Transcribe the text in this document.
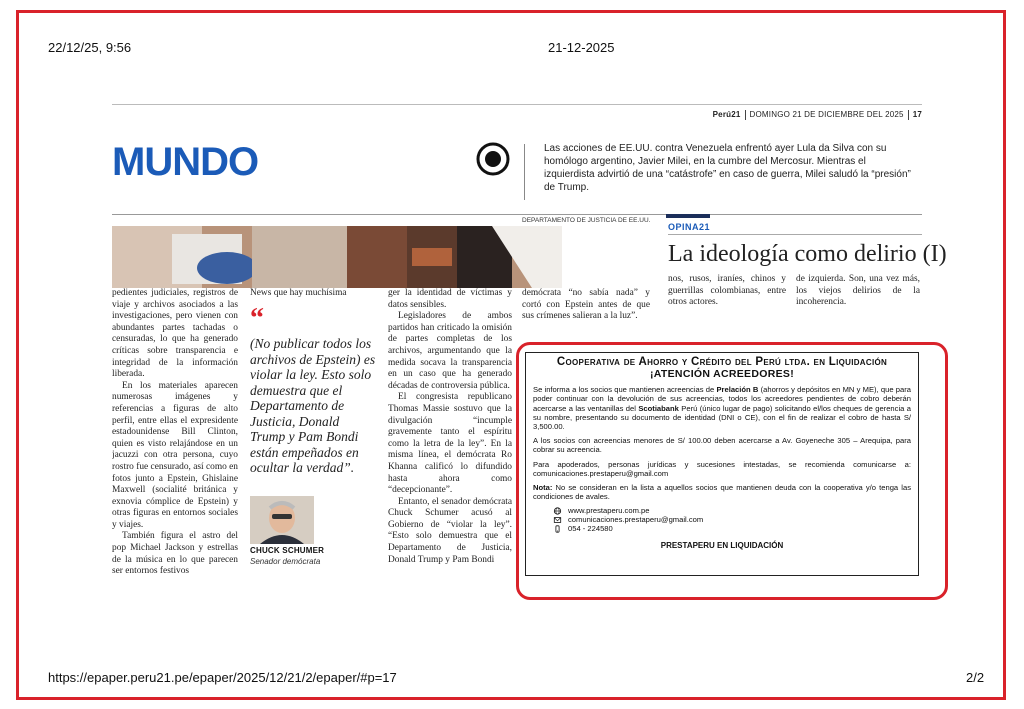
22/12/25, 9:56	21-12-2025
Perú21 DOMINGO 21 DE DICIEMBRE DEL 2025 17
MUNDO	Las acciones de EE.UU. contra Venezuela enfrentó ayer Lula da Silva con su homólogo argentino, Javier Milei, en la cumbre del Mercosur. Mientras el izquierdista advirtió de una “catástrofe” en caso de guerra, Milei saludó la “presión” de Trump.
DEPARTAMENTO DE JUSTICIA DE EE.UU.
OPINA21
La ideología como delirio (I)

nos, rusos, iraníes, chinos y guerrillas colombianas, entre otros actores.

de izquierda. Son, una vez más, los viejos delirios de la incoherencia.

pedientes judiciales, registros de viaje y archivos asociados a las investigaciones, pero vienen con abundantes partes tachadas o censuradas, lo que ha generado críticas sobre transparencia e integridad de la información liberada.

En los materiales aparecen numerosas imágenes y referencias a figuras de alto perfil, entre ellas el expresidente estadounidense Bill Clinton, quien es visto relajándose en un jacuzzi con otra persona, cuyo rostro fue censurado, así como en fotos junto a Epstein, Ghislaine Maxwell (socialité británica y exnovia cómplice de Epstein) y otras figuras en entornos sociales y viajes.

También figura el astro del pop Michael Jackson y estrellas de la música en lo que parecen ser entornos festivos

News que hay muchísima

“
(No publicar todos los archivos de Epstein) es violar la ley. Esto solo demuestra que el Departamento de Justicia, Donald Trump y Pam Bondi están empeñados en ocultar la verdad”.
CHUCK SCHUMER
Senador demócrata

ger la identidad de víctimas y datos sensibles.

Legisladores de ambos partidos han criticado la omisión de partes completas de los archivos, argumentando que la medida socava la transparencia en un caso que ha generado décadas de controversia pública.

El congresista republicano Thomas Massie sostuvo que la divulgación “incumple gravemente tanto el espíritu como la letra de la ley”. En la misma línea, el demócrata Ro Khanna calificó lo difundido hasta ahora como “decepcionante”.

Entanto, el senador demócrata Chuck Schumer acusó al Gobierno de “violar la ley”. “Esto solo demuestra que el Departamento de Justicia, Donald Trump y Pam Bondi

demócrata “no sabía nada” y cortó con Epstein antes de que sus crímenes salieran a la luz”.

Cooperativa de Ahorro y Crédito del Perú ltda. en Liquidación
¡ATENCIÓN ACREEDORES!

Se informa a los socios que mantienen acreencias de Prelación B (ahorros y depósitos en MN y ME), que para poder continuar con la devolución de sus acreencias, todos los acreedores pendientes de cobro deberán acercarse a las ventanillas del Scotiabank Perú (único lugar de pago) solicitando el/los cheques de gerencia a su nombre, presentando su documento de identidad (DNI o CE), con el fin de realizar el cobro de hasta S/ 3,500.00.

A los socios con acreencias menores de S/ 100.00 deben acercarse a Av. Goyeneche 305 – Arequipa, para cobrar su acreencia.

Para apoderados, personas jurídicas y sucesiones intestadas, se recomienda comunicarse a: comunicaciones.prestaperu@gmail.com

Nota: No se consideran en la lista a aquellos socios que mantienen deuda con la cooperativa y/o tenga las condiciones de avales.

www.prestaperu.com.pe
comunicaciones.prestaperu@gmail.com
054 - 224580
PRESTAPERU EN LIQUIDACIÓN
https://epaper.peru21.pe/epaper/2025/12/21/2/epaper/#p=17	2/2
